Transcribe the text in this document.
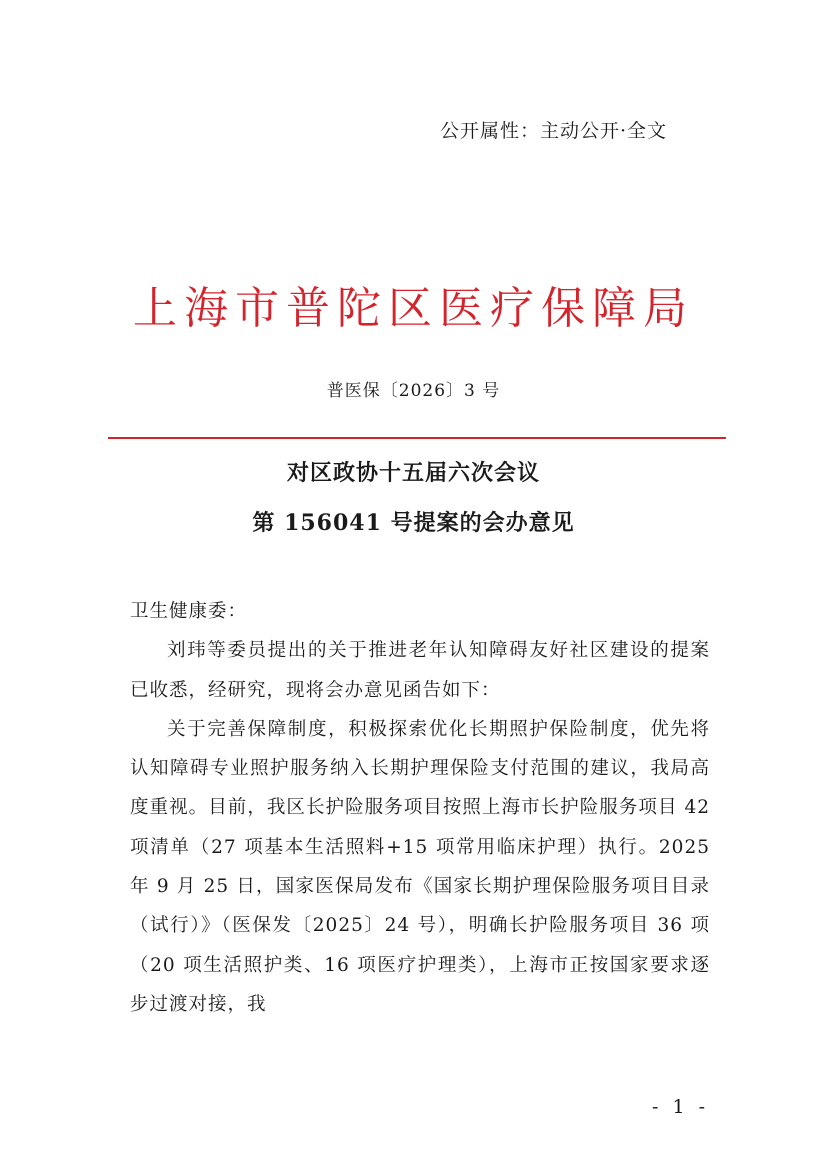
公开属性：主动公开·全文
上海市普陀区医疗保障局
普医保〔2026〕3 号
对区政协十五届六次会议
第 156041 号提案的会办意见

卫生健康委：

刘玮等委员提出的关于推进老年认知障碍友好社区建设的提案已收悉，经研究，现将会办意见函告如下：

关于完善保障制度，积极探索优化长期照护保险制度，优先将认知障碍专业照护服务纳入长期护理保险支付范围的建议，我局高度重视。目前，我区长护险服务项目按照上海市长护险服务项目 42 项清单（27 项基本生活照料+15 项常用临床护理）执行。2025 年 9 月 25 日，国家医保局发布《国家长期护理保险服务项目目录（试行）》（医保发〔2025〕24 号），明确长护险服务项目 36 项（20 项生活照护类、16 项医疗护理类），上海市正按国家要求逐步过渡对接，我

- 1 -
